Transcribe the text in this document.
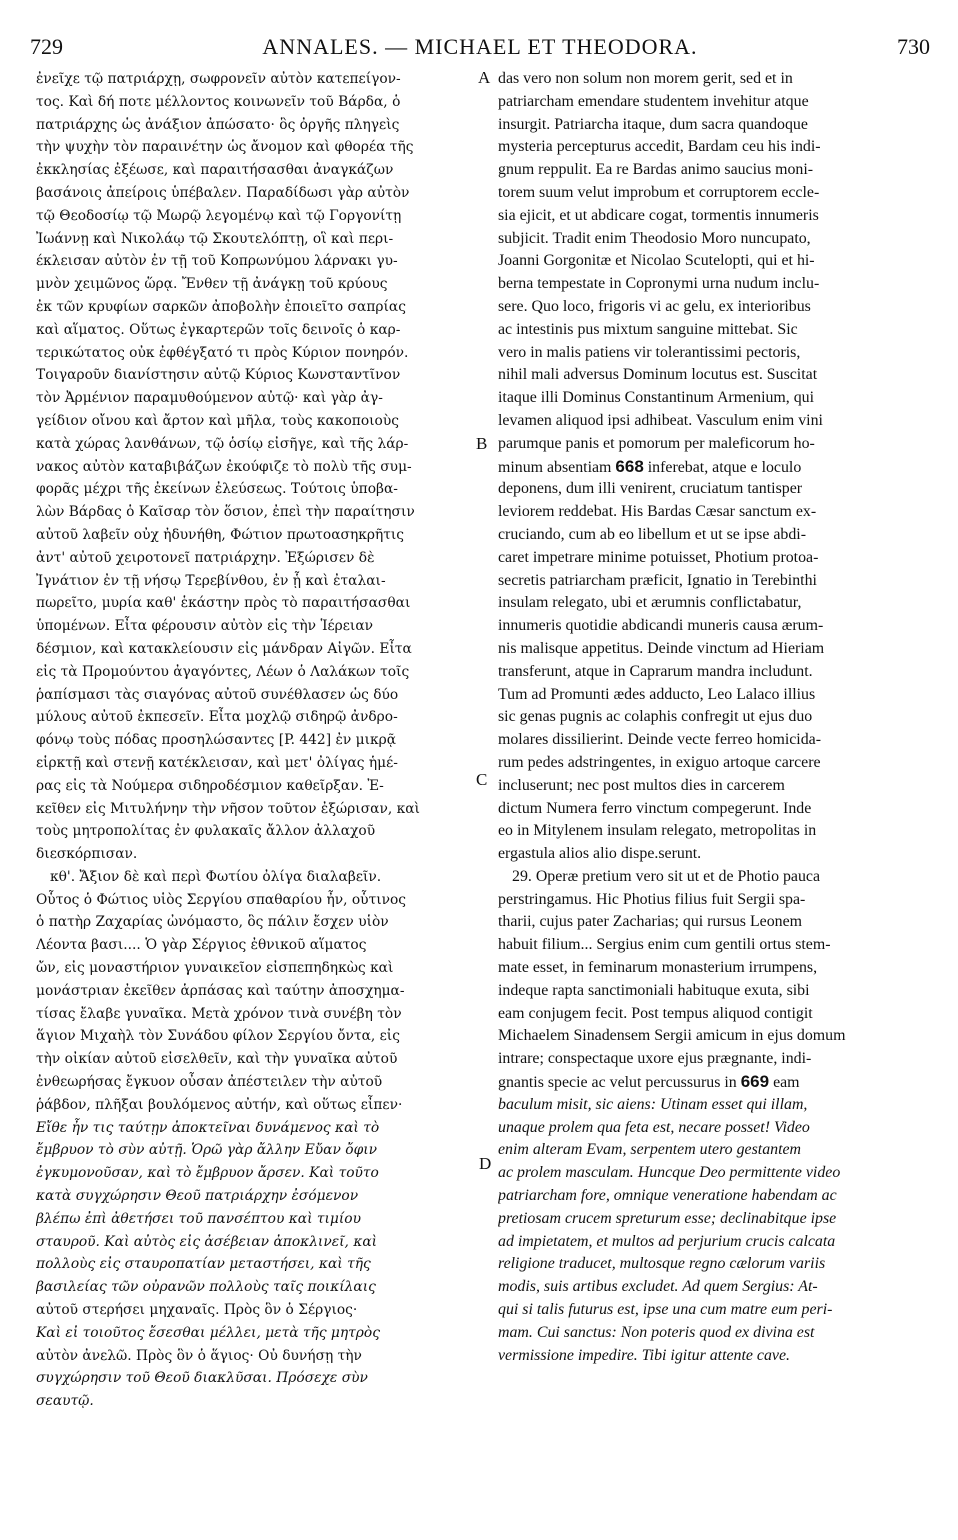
729	ANNALES. — MICHAEL ET THEODORA.	730
ἐνεῖχε τῷ πατριάρχῃ, σωφρονεῖν αὐτὸν κατεπείγον-
τος. Καὶ δή ποτε μέλλοντος κοινωνεῖν τοῦ Βάρδα, ὁ
πατριάρχης ὡς ἀνάξιον ἀπώσατο· ὃς ὀργῆς πληγεὶς
τὴν ψυχὴν τὸν παραινέτην ὡς ἄνομον καὶ φθορέα τῆς
ἐκκλησίας ἐξέωσε, καὶ παραιτήσασθαι ἀναγκάζων
βασάνοις ἀπείροις ὑπέβαλεν. Παραδίδωσι γὰρ αὐτὸν
τῷ Θεοδοσίῳ τῷ Μωρῷ λεγομένῳ καὶ τῷ Γοργονίτῃ
Ἰωάννῃ καὶ Νικολάῳ τῷ Σκουτελόπτῃ, οἳ καὶ περι-
έκλεισαν αὐτὸν ἐν τῇ τοῦ Κοπρωνύμου λάρνακι γυ-
μνὸν χειμῶνος ὥρᾳ. Ἔνθεν τῇ ἀνάγκῃ τοῦ κρύους
ἐκ τῶν κρυφίων σαρκῶν ἀποβολὴν ἐποιεῖτο σαπρίας
καὶ αἵματος. Οὕτως ἐγκαρτερῶν τοῖς δεινοῖς ὁ καρ-
τερικώτατος οὐκ ἐφθέγξατό τι πρὸς Κύριον πονηρόν.
Τοιγαροῦν διανίστησιν αὐτῷ Κύριος Κωνσταντῖνον
τὸν Ἀρμένιον παραμυθούμενον αὐτῷ· καὶ γὰρ ἀγ-
γείδιον οἴνου καὶ ἄρτον καὶ μῆλα, τοὺς κακοποιοὺς
κατὰ χώρας λανθάνων, τῷ ὁσίῳ εἰσῆγε, καὶ τῆς λάρ-
νακος αὐτὸν καταβιβάζων ἐκούφιζε τὸ πολὺ τῆς συμ-
φορᾶς μέχρι τῆς ἐκείνων ἐλεύσεως. Τούτοις ὑποβα-
λὼν Βάρδας ὁ Καῖσαρ τὸν ὅσιον, ἐπεὶ τὴν παραίτησιν
αὐτοῦ λαβεῖν οὐχ ἠδυνήθη, Φώτιον πρωτοασηκρῆτις
ἀντ' αὐτοῦ χειροτονεῖ πατριάρχην. Ἐξώρισεν δὲ
Ἰγνάτιον ἐν τῇ νήσῳ Τερεβίνθου, ἐν ᾗ καὶ ἐταλαι-
πωρεῖτο, μυρία καθ' ἑκάστην πρὸς τὸ παραιτήσασθαι
ὑπομένων. Εἶτα φέρουσιν αὐτὸν εἰς τὴν Ἱέρειαν
δέσμιον, καὶ κατακλείουσιν εἰς μάνδραν Αἰγῶν. Εἶτα
εἰς τὰ Προμούντου ἀγαγόντες, Λέων ὁ Λαλάκων τοῖς
ῥαπίσμασι τὰς σιαγόνας αὐτοῦ συνέθλασεν ὡς δύο
μύλους αὐτοῦ ἐκπεσεῖν. Εἶτα μοχλῷ σιδηρῷ ἀνδρο-
φόνῳ τοὺς πόδας προσηλώσαντες [P. 442] ἐν μικρᾷ
εἱρκτῇ καὶ στενῇ κατέκλεισαν, καὶ μετ' ὀλίγας ἡμέ-
ρας εἰς τὰ Νούμερα σιδηροδέσμιον καθεῖρξαν. Ἐ-
κεῖθεν εἰς Μιτυλήνην τὴν νῆσον τοῦτον ἐξώρισαν, καὶ
τοὺς μητροπολίτας ἐν φυλακαῖς ἄλλον ἀλλαχοῦ
διεσκόρπισαν.
κθ'. Ἄξιον δὲ καὶ περὶ Φωτίου ὀλίγα διαλαβεῖν.
Οὗτος ὁ Φώτιος υἱὸς Σεργίου σπαθαρίου ἦν, οὗτινος
ὁ πατὴρ Ζαχαρίας ὠνόμαστο, ὃς πάλιν ἔσχεν υἱὸν
Λέοντα βασι.... Ὁ γὰρ Σέργιος ἐθνικοῦ αἵματος
ὤν, εἰς μοναστήριον γυναικεῖον εἰσπεπηδηκὼς καὶ
μονάστριαν ἐκεῖθεν ἁρπάσας καὶ ταύτην ἀποσχημα-
τίσας ἔλαβε γυναῖκα. Μετὰ χρόνον τινὰ συνέβη τὸν
ἅγιον Μιχαὴλ τὸν Συνάδου φίλον Σεργίου ὄντα, εἰς
τὴν οἰκίαν αὐτοῦ εἰσελθεῖν, καὶ τὴν γυναῖκα αὐτοῦ
ἐνθεωρήσας ἔγκυον οὖσαν ἀπέστειλεν τὴν αὐτοῦ
ῥάβδον, πλῆξαι βουλόμενος αὐτήν, καὶ οὕτως εἶπεν·
Εἴθε ἦν τις ταύτῃν ἀποκτεῖναι δυνάμενος καὶ τὸ
ἔμβρυον τὸ σὺν αὐτῇ. Ὁρῶ γὰρ ἄλλην Εὔαν ὄφιν
ἐγκυμονοῦσαν, καὶ τὸ ἔμβρυον ἄρσεν. Καὶ τοῦτο
κατὰ συγχώρησιν Θεοῦ πατριάρχην ἐσόμενον
βλέπω ἐπὶ ἀθετήσει τοῦ πανσέπτου καὶ τιμίου
σταυροῦ. Καὶ αὐτὸς εἰς ἀσέβειαν ἀποκλινεῖ, καὶ
πολλοὺς εἰς σταυροπατίαν μεταστήσει, καὶ τῆς
βασιλείας τῶν οὐρανῶν πολλοὺς ταῖς ποικίλαις
αὐτοῦ στερήσει μηχαναῖς. Πρὸς ὃν ὁ Σέργιος·
Καὶ εἰ τοιοῦτος ἔσεσθαι μέλλει, μετὰ τῆς μητρὸς
αὐτὸν ἀνελῶ. Πρὸς ὃν ὁ ἅγιος· Οὐ δυνήσῃ τὴν
συγχώρησιν τοῦ Θεοῦ διακλῦσαι. Πρόσεχε σὺν
σεαυτῷ.
das vero non solum non morem gerit, sed et in
patriarcham emendare studentem invehitur atque
insurgit. Patriarcha itaque, dum sacra quandoque
mysteria percepturus accedit, Bardam ceu his indi-
gnum reppulit. Ea re Bardas animo saucius moni-
torem suum velut improbum et corruptorem eccle-
sia ejicit, et ut abdicare cogat, tormentis innumeris
subjicit. Tradit enim Theodosio Moro nuncupato,
Joanni Gorgonitæ et Nicolao Scutelopti, qui et hi-
berna tempestate in Copronymi urna nudum inclu-
sere. Quo loco, frigoris vi ac gelu, ex interioribus
ac intestinis pus mixtum sanguine mittebat. Sic
vero in malis patiens vir tolerantissimi pectoris,
nihil mali adversus Dominum locutus est. Suscitat
itaque illi Dominus Constantinum Armenium, qui
levamen aliquod ipsi adhibeat. Vasculum enim vini
parumque panis et pomorum per maleficorum ho-
minum absentiam 668 inferebat, atque e loculo
deponens, dum illi venirent, cruciatum tantisper
leviorem reddebat. His Bardas Cæsar sanctum ex-
cruciando, cum ab eo libellum et ut se ipse abdi-
caret impetrare minime potuisset, Photium protoa-
secretis patriarcham præficit, Ignatio in Terebinthi
insulam relegato, ubi et ærumnis conflictabatur,
innumeris quotidie abdicandi muneris causa ærum-
nis malisque appetitus. Deinde vinctum ad Hieriam
transferunt, atque in Caprarum mandra includunt.
Tum ad Promunti ædes adducto, Leo Lalaco illius
sic genas pugnis ac colaphis confregit ut ejus duo
molares dissilierint. Deinde vecte ferreo homicida-
rum pedes adstringentes, in exiguo artoque carcere
incluserunt; nec post multos dies in carcerem
dictum Numera ferro vinctum compegerunt. Inde
eo in Mitylenem insulam relegato, metropolitas in
ergastula alios alio dispe.serunt.
29. Operæ pretium vero sit ut et de Photio pauca
perstringamus. Hic Photius filius fuit Sergii spa-
tharii, cujus pater Zacharias; qui rursus Leonem
habuit filium... Sergius enim cum gentili ortus stem-
mate esset, in feminarum monasterium irrumpens,
indeque rapta sanctimoniali habituque exuta, sibi
eam conjugem fecit. Post tempus aliquod contigit
Michaelem Sinadensem Sergii amicum in ejus domum
intrare; conspectaque uxore ejus prægnante, indi-
gnantis specie ac velut percussurus in 669 eam
baculum misit, sic aiens: Utinam esset qui illam,
unaque prolem qua feta est, necare posset! Video
enim alteram Evam, serpentem utero gestantem
ac prolem masculam. Huncque Deo permittente video
patriarcham fore, omnique veneratione habendam ac
pretiosam crucem spreturum esse; declinabitque ipse
ad impietatem, et multos ad perjurium crucis calcata
religione traducet, multosque regno cælorum variis
modis, suis artibus excludet. Ad quem Sergius: At-
qui si talis futurus est, ipse una cum matre eum peri-
mam. Cui sanctus: Non poteris quod ex divina est
vermissione impedire. Tibi igitur attente cave.
A
B
C
D
